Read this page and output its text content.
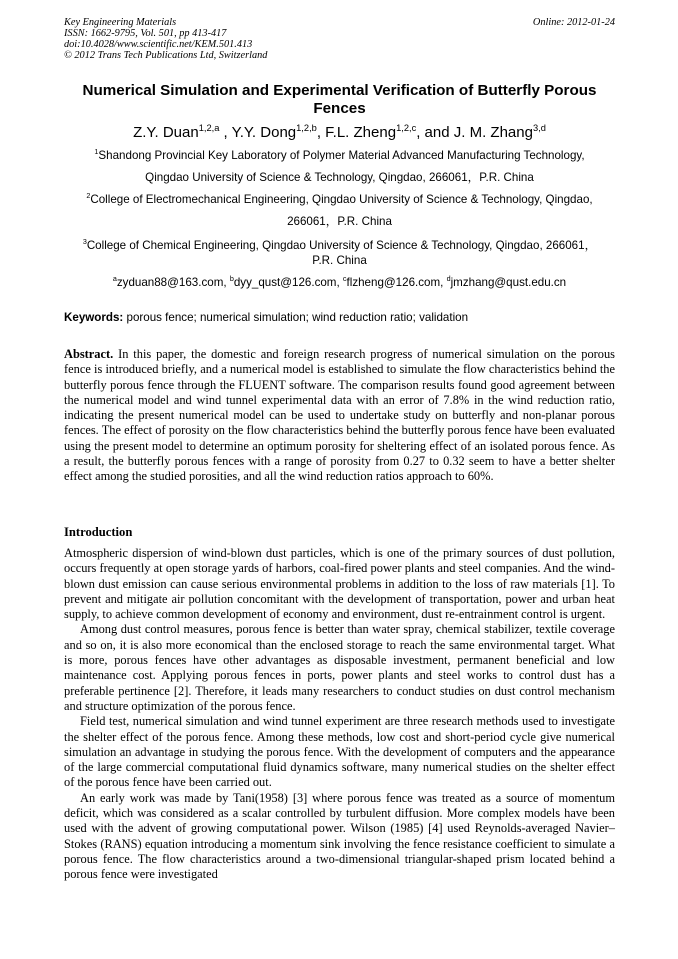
Key Engineering Materials
ISSN: 1662-9795, Vol. 501, pp 413-417
doi:10.4028/www.scientific.net/KEM.501.413
© 2012 Trans Tech Publications Ltd, Switzerland
Online: 2012-01-24
Numerical Simulation and Experimental Verification of Butterfly Porous Fences
Z.Y. Duan$^{1,2,a}$ , Y.Y. Dong$^{1,2,b}$, F.L. Zheng$^{1,2,c}$, and J. M. Zhang$^{3,d}$
$^1$Shandong Provincial Key Laboratory of Polymer Material Advanced Manufacturing Technology,
Qingdao University of Science & Technology, Qingdao, 266061，P.R. China
$^2$College of Electromechanical Engineering, Qingdao University of Science & Technology, Qingdao,
266061，P.R. China
$^3$College of Chemical Engineering, Qingdao University of Science & Technology, Qingdao, 266061，
P.R. China
$^a$zyduan88@163.com, $^b$dyy_qust@126.com, $^c$flzheng@126.com, $^d$jmzhang@qust.edu.cn
Keywords: porous fence; numerical simulation; wind reduction ratio; validation
Abstract. In this paper, the domestic and foreign research progress of numerical simulation on the porous fence is introduced briefly, and a numerical model is established to simulate the flow characteristics behind the butterfly porous fence through the FLUENT software. The comparison results found good agreement between the numerical model and wind tunnel experimental data with an error of 7.8% in the wind reduction ratio, indicating the present numerical model can be used to undertake study on butterfly and non-planar porous fences. The effect of porosity on the flow characteristics behind the butterfly porous fence have been evaluated using the present model to determine an optimum porosity for sheltering effect of an isolated porous fence. As a result, the butterfly porous fences with a range of porosity from 0.27 to 0.32 seem to have a better shelter effect among the studied porosities, and all the wind reduction ratios approach to 60%.
Introduction

Atmospheric dispersion of wind-blown dust particles, which is one of the primary sources of dust pollution, occurs frequently at open storage yards of harbors, coal-fired power plants and steel companies. And the wind-blown dust emission can cause serious environmental problems in addition to the loss of raw materials [1]. To prevent and mitigate air pollution concomitant with the development of transportation, power and urban heat supply, to achieve common development of economy and environment, dust re-entrainment control is urgent.

Among dust control measures, porous fence is better than water spray, chemical stabilizer, textile coverage and so on, it is also more economical than the enclosed storage to reach the same environmental target. What is more, porous fences have other advantages as disposable investment, permanent beneficial and low maintenance cost. Applying porous fences in ports, power plants and steel works to control dust has a preferable pertinence [2]. Therefore, it leads many researchers to conduct studies on dust control mechanism and structure optimization of the porous fence.

Field test, numerical simulation and wind tunnel experiment are three research methods used to investigate the shelter effect of the porous fence. Among these methods, low cost and short-period cycle give numerical simulation an advantage in studying the porous fence. With the development of computers and the appearance of the large commercial computational fluid dynamics software, many numerical studies on the shelter effect of the porous fence have been carried out.

An early work was made by Tani(1958) [3] where porous fence was treated as a source of momentum deficit, which was considered as a scalar controlled by turbulent diffusion. More complex models have been used with the advent of growing computational power. Wilson (1985) [4] used Reynolds-averaged Navier–Stokes (RANS) equation introducing a momentum sink involving the fence resistance coefficient to simulate a porous fence. The flow characteristics around a two-dimensional triangular-shaped prism located behind a porous fence were investigated
